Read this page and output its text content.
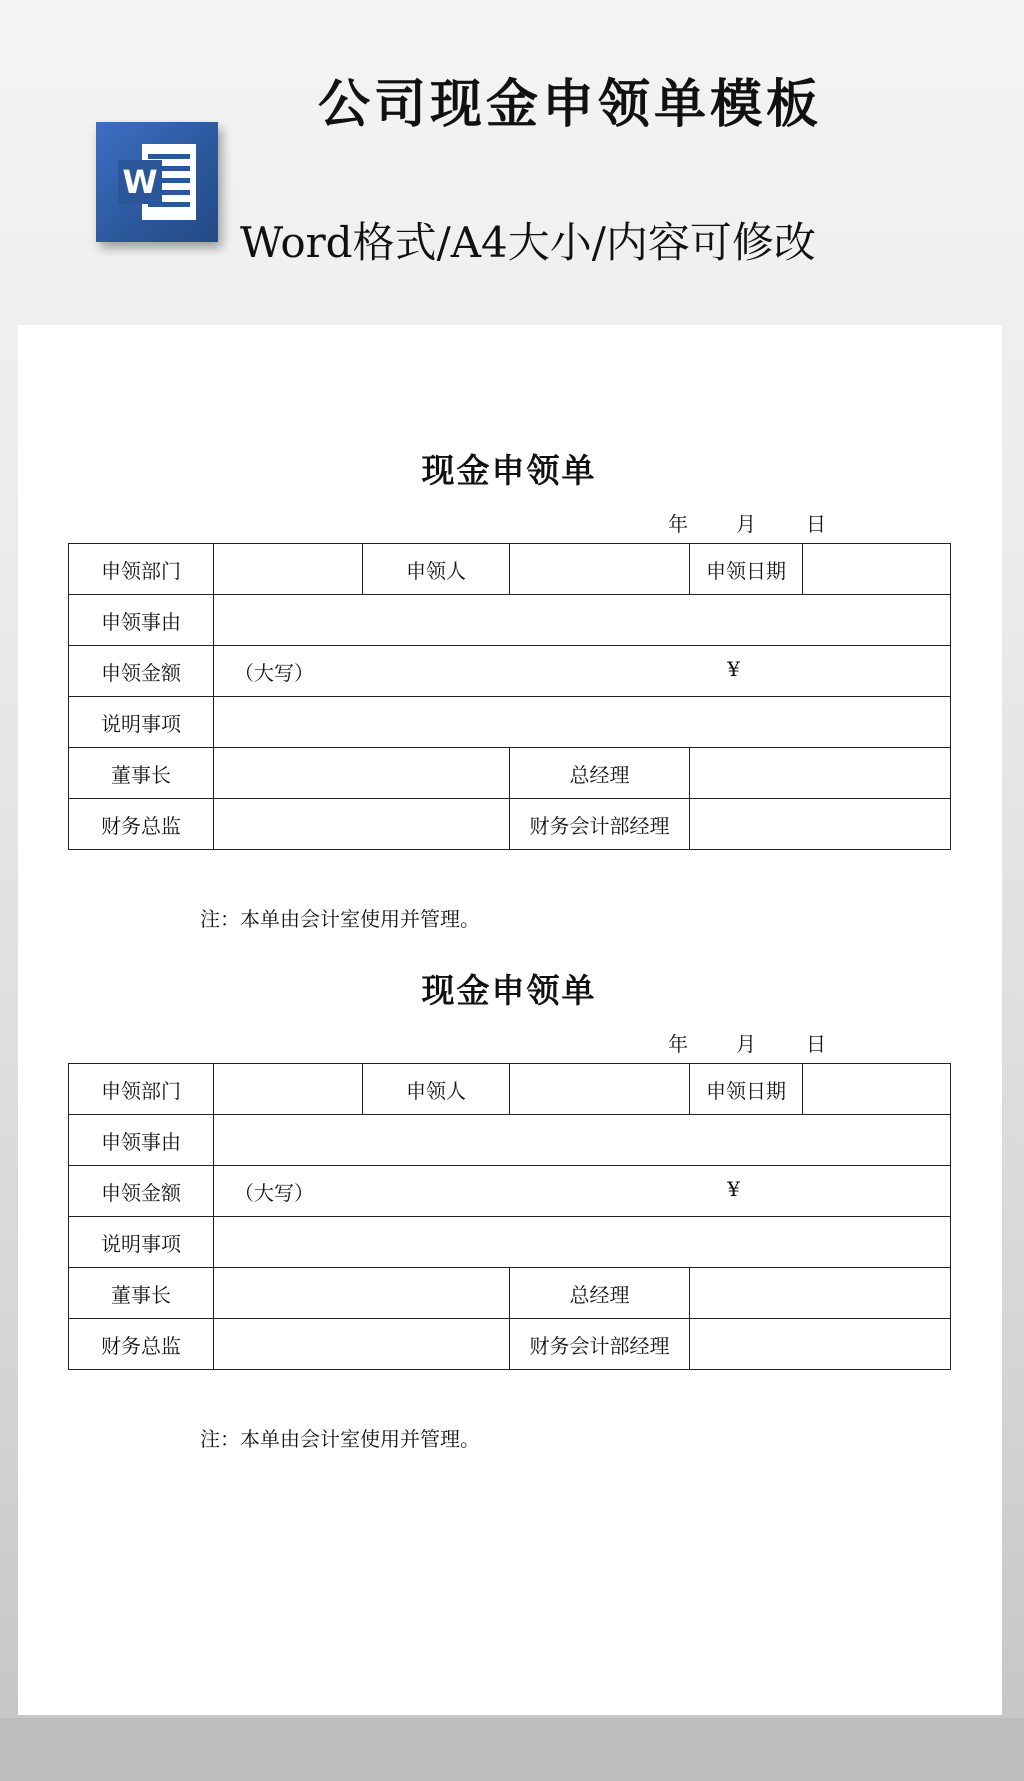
W
公司现金申领单模板

Word格式/A4大小/内容可修改

现金申领单
年 月	日
申领部门		申领人		申领日期	
申领事由					
申领金额	（大写） ¥				

说明事项					
董事长			总经理		
财务总监			财务会计部经理		
注：本单由会计室使用并管理。
现金申领单
年 月	日
申领部门		申领人		申领日期	
申领事由					
申领金额	（大写） ¥				

说明事项					
董事长			总经理		
财务总监			财务会计部经理		
注：本单由会计室使用并管理。
